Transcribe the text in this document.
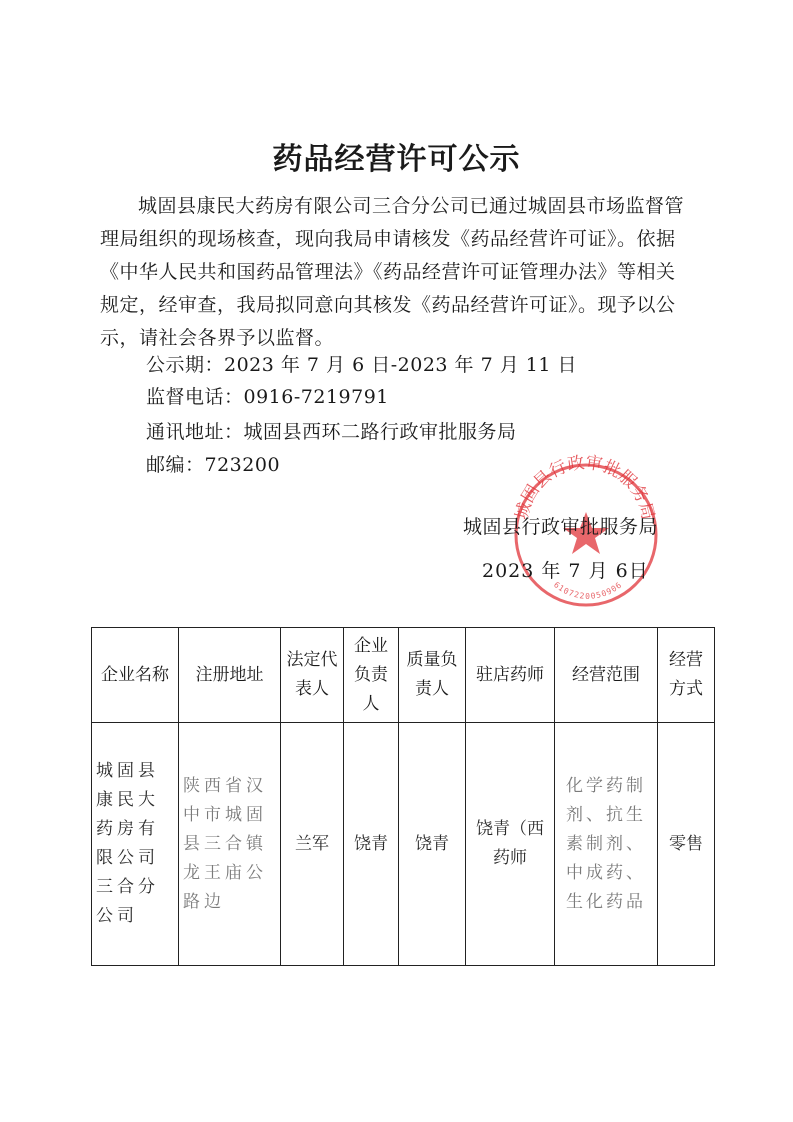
药品经营许可公示

城固县康民大药房有限公司三合分公司已通过城固县市场监督管理局组织的现场核查，现向我局申请核发《药品经营许可证》。依据《中华人民共和国药品管理法》《药品经营许可证管理办法》等相关规定，经审查，我局拟同意向其核发《药品经营许可证》。现予以公示，请社会各界予以监督。

公示期：2023 年 7 月 6 日-2023 年 7 月 11 日
监督电话：0916-7219791
通讯地址：城固县西环二路行政审批服务局
邮编：723200
城固县行政审批服务局
6107220050906
城固县行政审批服务局
2023 年 7 月 6日
企业名称	注册地址	法定代表人	企业负责人	质量负责人	驻店药师	经营范围	经营方式
城固县康民大药房有限公司三合分公司	陕西省汉中市城固县三合镇龙王庙公路边	兰军	饶青	饶青	饶青（西药师	化学药制剂、抗生素制剂、中成药、生化药品	零售
